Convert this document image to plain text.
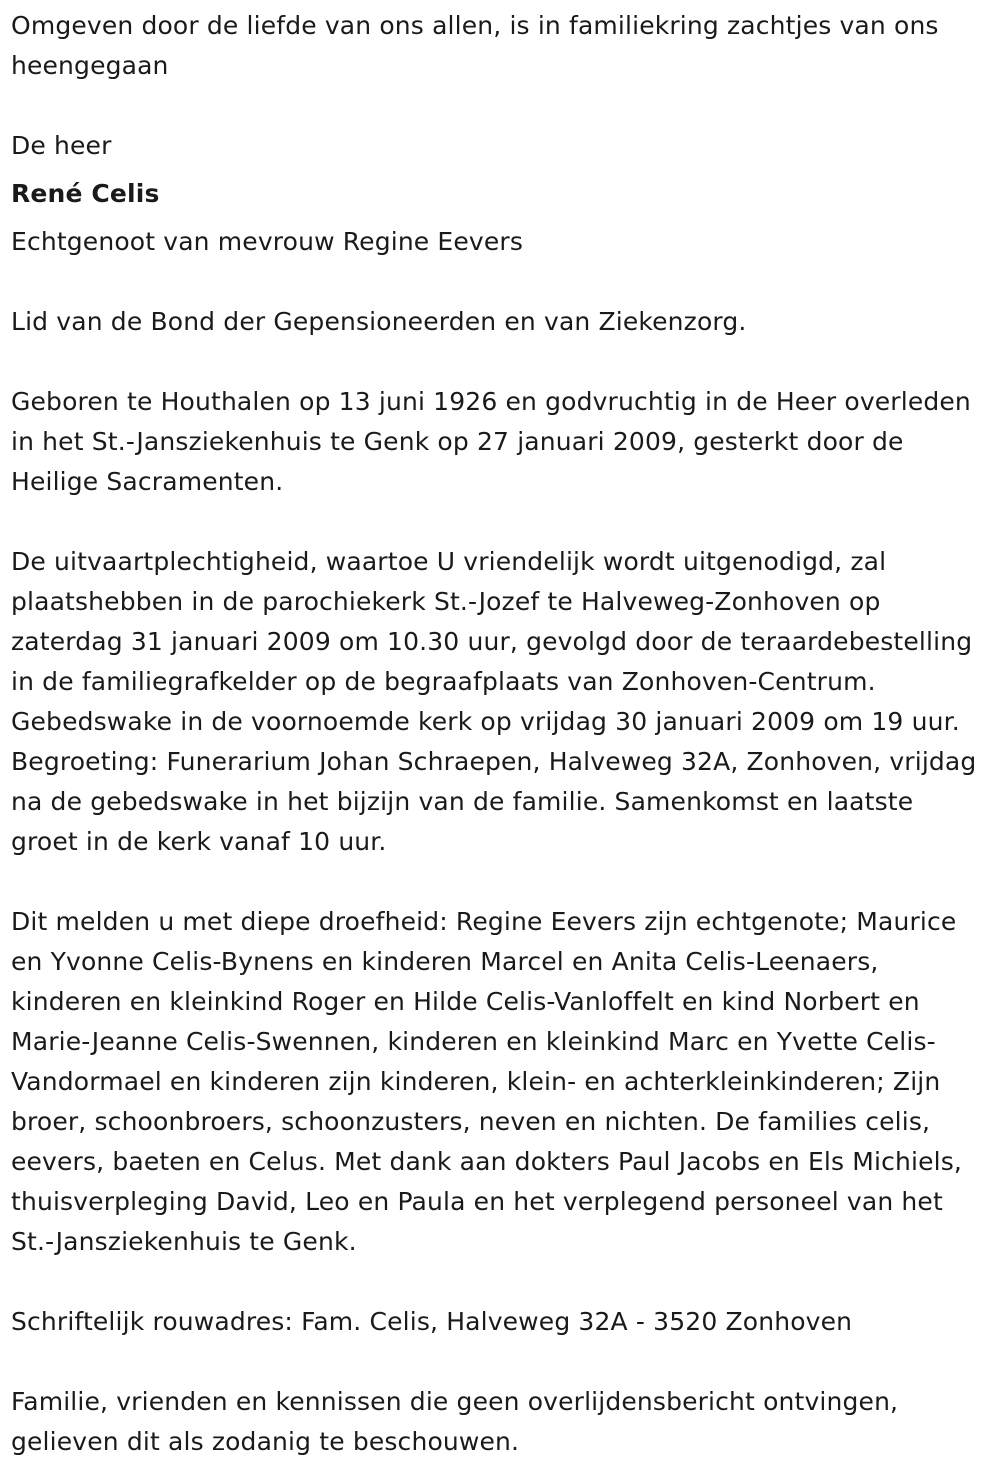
Omgeven door de liefde van ons allen, is in familiekring zachtjes van ons heengegaan

De heer

René Celis

Echtgenoot van mevrouw Regine Eevers

Lid van de Bond der Gepensioneerden en van Ziekenzorg.

Geboren te Houthalen op 13 juni 1926 en godvruchtig in de Heer overleden in het St.-Jansziekenhuis te Genk op 27 januari 2009, gesterkt door de Heilige Sacramenten.

De uitvaartplechtigheid, waartoe U vriendelijk wordt uitgenodigd, zal plaatshebben in de parochiekerk St.-Jozef te Halveweg-Zonhoven op zaterdag 31 januari 2009 om 10.30 uur, gevolgd door de teraardebestelling in de familiegrafkelder op de begraafplaats van Zonhoven-Centrum. Gebedswake in de voornoemde kerk op vrijdag 30 januari 2009 om 19 uur. Begroeting: Funerarium Johan Schraepen, Halveweg 32A, Zonhoven, vrijdag na de gebedswake in het bijzijn van de familie. Samenkomst en laatste groet in de kerk vanaf 10 uur.

Dit melden u met diepe droefheid: Regine Eevers zijn echtgenote; Maurice en Yvonne Celis-Bynens en kinderen Marcel en Anita Celis-Leenaers, kinderen en kleinkind Roger en Hilde Celis-Vanloffelt en kind Norbert en Marie-Jeanne Celis-Swennen, kinderen en kleinkind Marc en Yvette Celis-Vandormael en kinderen zijn kinderen, klein- en achterkleinkinderen; Zijn broer, schoonbroers, schoonzusters, neven en nichten. De families celis, eevers, baeten en Celus. Met dank aan dokters Paul Jacobs en Els Michiels, thuisverpleging David, Leo en Paula en het verplegend personeel van het St.-Jansziekenhuis te Genk.

Schriftelijk rouwadres: Fam. Celis, Halveweg 32A - 3520 Zonhoven

Familie, vrienden en kennissen die geen overlijdensbericht ontvingen, gelieven dit als zodanig te beschouwen.
